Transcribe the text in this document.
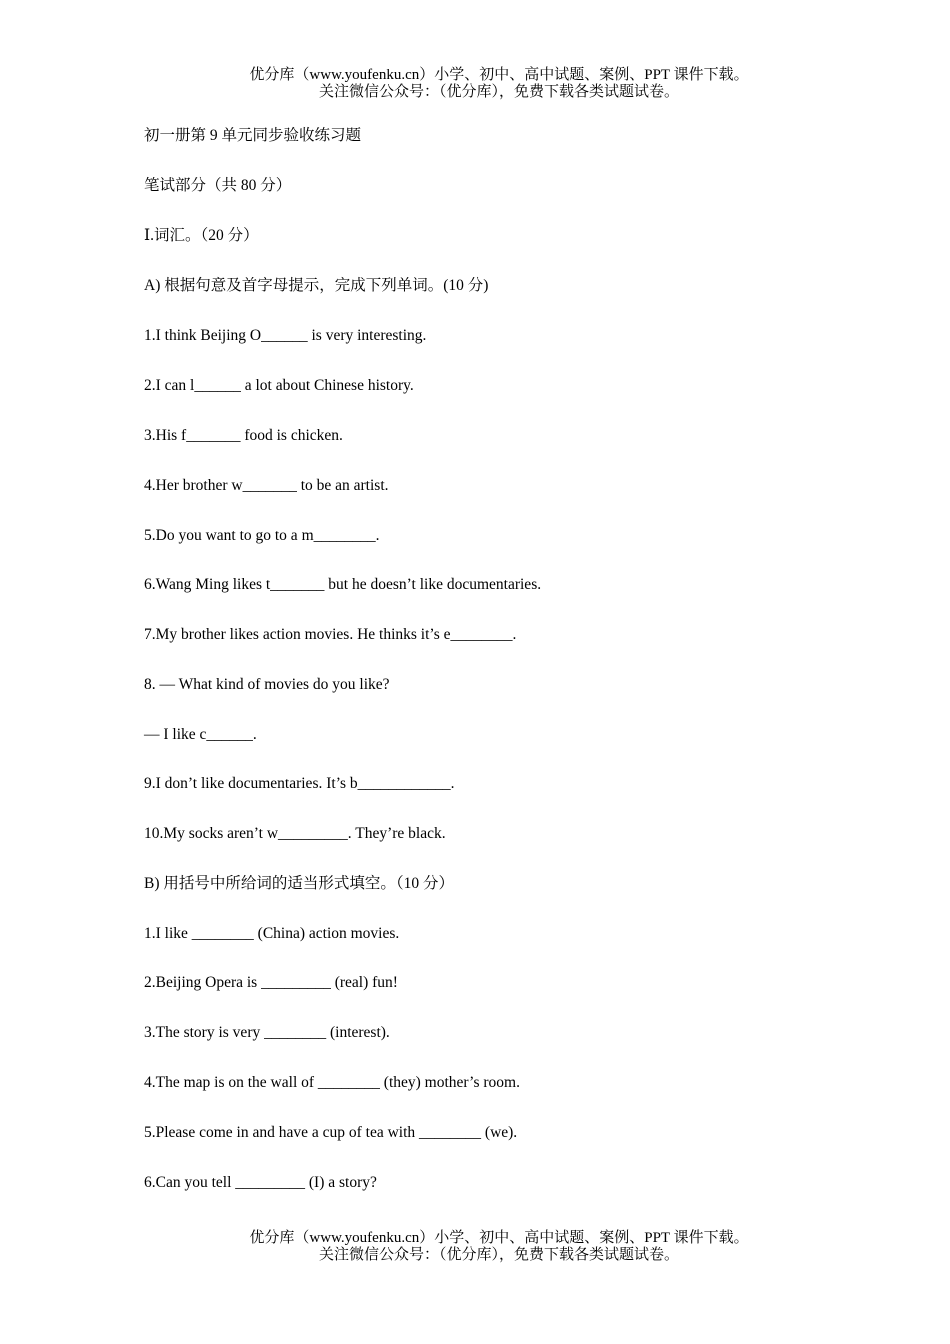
优分库（www.youfenku.cn）小学、初中、高中试题、案例、PPT 课件下载。
关注微信公众号：（优分库），免费下载各类试题试卷。
初一册第 9 单元同步验收练习题
笔试部分（共 80 分）
Ⅰ.词汇。（20 分）
A) 根据句意及首字母提示，完成下列单词。(10 分)
1.I think Beijing O______ is very interesting.
2.I can l______ a lot about Chinese history.
3.His f_______ food is chicken.
4.Her brother w_______ to be an artist.
5.Do you want to go to a m________.
6.Wang Ming likes t_______ but he doesn’t like documentaries.
7.My brother likes action movies. He thinks it’s e________.
8. — What kind of movies do you like?
— I like c______.
9.I don’t like documentaries. It’s b____________.
10.My socks aren’t w_________. They’re black.
B) 用括号中所给词的适当形式填空。（10 分）
1.I like ________ (China) action movies.
2.Beijing Opera is _________ (real) fun!
3.The story is very ________ (interest).
4.The map is on the wall of ________ (they) mother’s room.
5.Please come in and have a cup of tea with ________ (we).
6.Can you tell _________ (I) a story?
优分库（www.youfenku.cn）小学、初中、高中试题、案例、PPT 课件下载。
关注微信公众号：（优分库），免费下载各类试题试卷。
